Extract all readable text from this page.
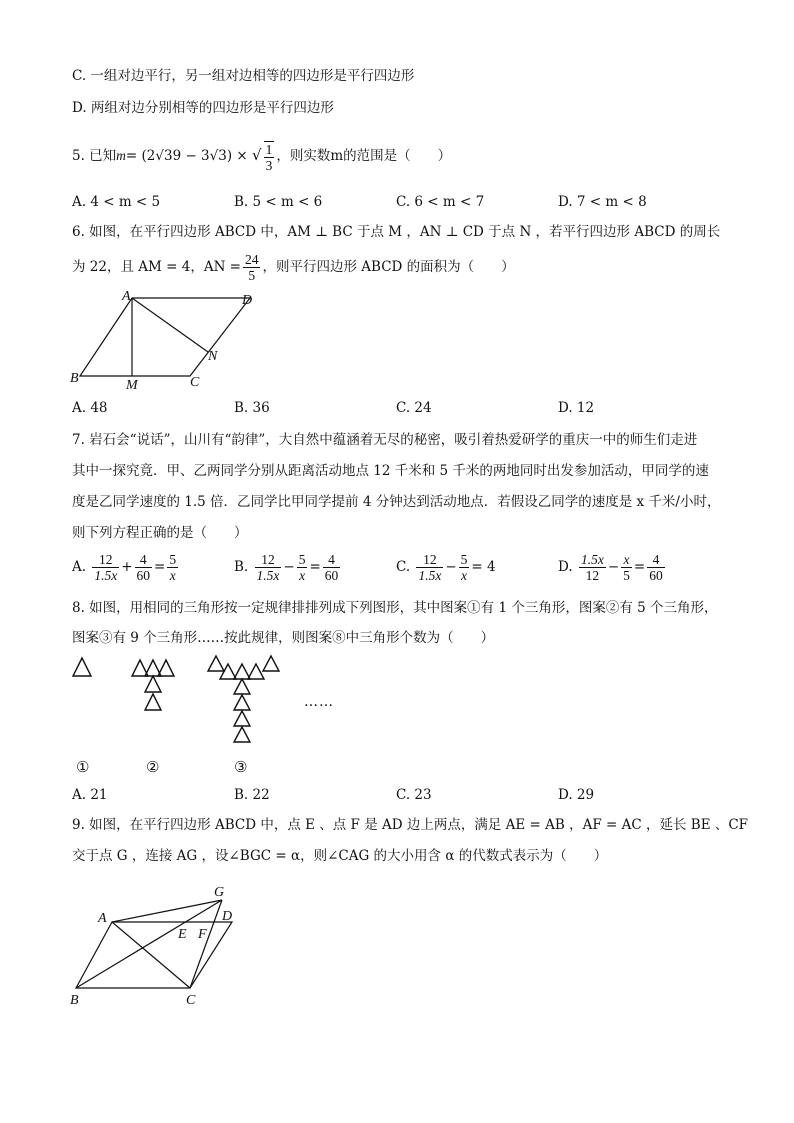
C. 一组对边平行，另一组对边相等的四边形是平行四边形
D. 两组对边分别相等的四边形是平行四边形
5. 已知m= (2√39 − 3√3) × √ $\frac{1}{3}$ ，则实数m的范围是（　　）
A. 4 < m < 5	B. 5 < m < 6	C. 6 < m < 7	D. 7 < m < 8
6. 如图，在平行四边形 ABCD 中，AM ⊥ BC 于点 M ，AN ⊥ CD 于点 N ，若平行四边形 ABCD 的周长
为 22，且 AM = 4，AN = $\frac{24}{5}$ ，则平行四边形 ABCD 的面积为（　　）
A	D
B	C
M
N
A. 48	B. 36	C. 24	D. 12
7. 岩石会“说话”，山川有“韵律”，大自然中蕴涵着无尽的秘密，吸引着热爱研学的重庆一中的师生们走进
其中一探究竟．甲、乙两同学分别从距离活动地点 12 千米和 5 千米的两地同时出发参加活动，甲同学的速
度是乙同学速度的 1.5 倍．乙同学比甲同学提前 4 分钟达到活动地点．若假设乙同学的速度是 x 千米/小时，
则下列方程正确的是（　　）
A. $\frac{12}{1.5x} + \frac{4}{60} = \frac{5}{x}$	B. $\frac{12}{1.5x} - \frac{5}{x} = \frac{4}{60}$	C. $\frac{12}{1.5x} - \frac{5}{x} = 4$	D. $\frac{1.5x}{12} - \frac{x}{5} = \frac{4}{60}$
8. 如图，用相同的三角形按一定规律排排列成下列图形，其中图案①有 1 个三角形，图案②有 5 个三角形，
图案③有 9 个三角形……按此规律，则图案⑧中三角形个数为（　　）
……
①	②	③
A. 21	B. 22	C. 23	D. 29
9. 如图，在平行四边形 ABCD 中，点 E 、点 F 是 AD 边上两点，满足 AE = AB ，AF = AC ，延长 BE 、CF
交于点 G ，连接 AG ，设∠BGC = α，则∠CAG 的大小用含 α 的代数式表示为（　　）
A	D
G
E F
B	C
